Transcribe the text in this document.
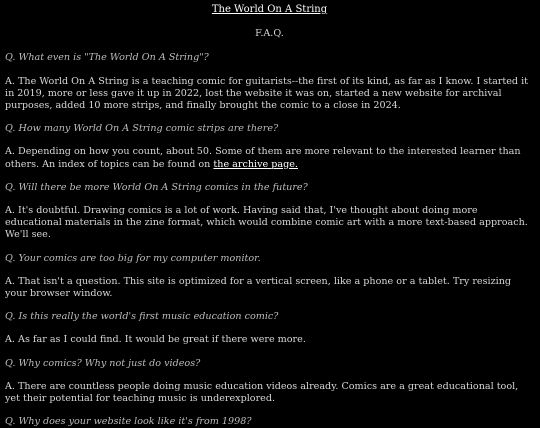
The World On A String

F.A.Q.

Q. What even is "The World On A String"?

A. The World On A String is a teaching comic for guitarists--the first of its kind, as far as I know. I started it in 2019, more or less gave it up in 2022, lost the website it was on, started a new website for archival purposes, added 10 more strips, and finally brought the comic to a close in 2024.

Q. How many World On A String comic strips are there?

A. Depending on how you count, about 50. Some of them are more relevant to the interested learner than others. An index of topics can be found on the archive page.

Q. Will there be more World On A String comics in the future?

A. It's doubtful. Drawing comics is a lot of work. Having said that, I've thought about doing more educational materials in the zine format, which would combine comic art with a more text-based approach. We'll see.

Q. Your comics are too big for my computer monitor.

A. That isn't a question. This site is optimized for a vertical screen, like a phone or a tablet. Try resizing your browser window.

Q. Is this really the world's first music education comic?

A. As far as I could find. It would be great if there were more.

Q. Why comics? Why not just do videos?

A. There are countless people doing music education videos already. Comics are a great educational tool, yet their potential for teaching music is underexplored.

Q. Why does your website look like it's from 1998?
